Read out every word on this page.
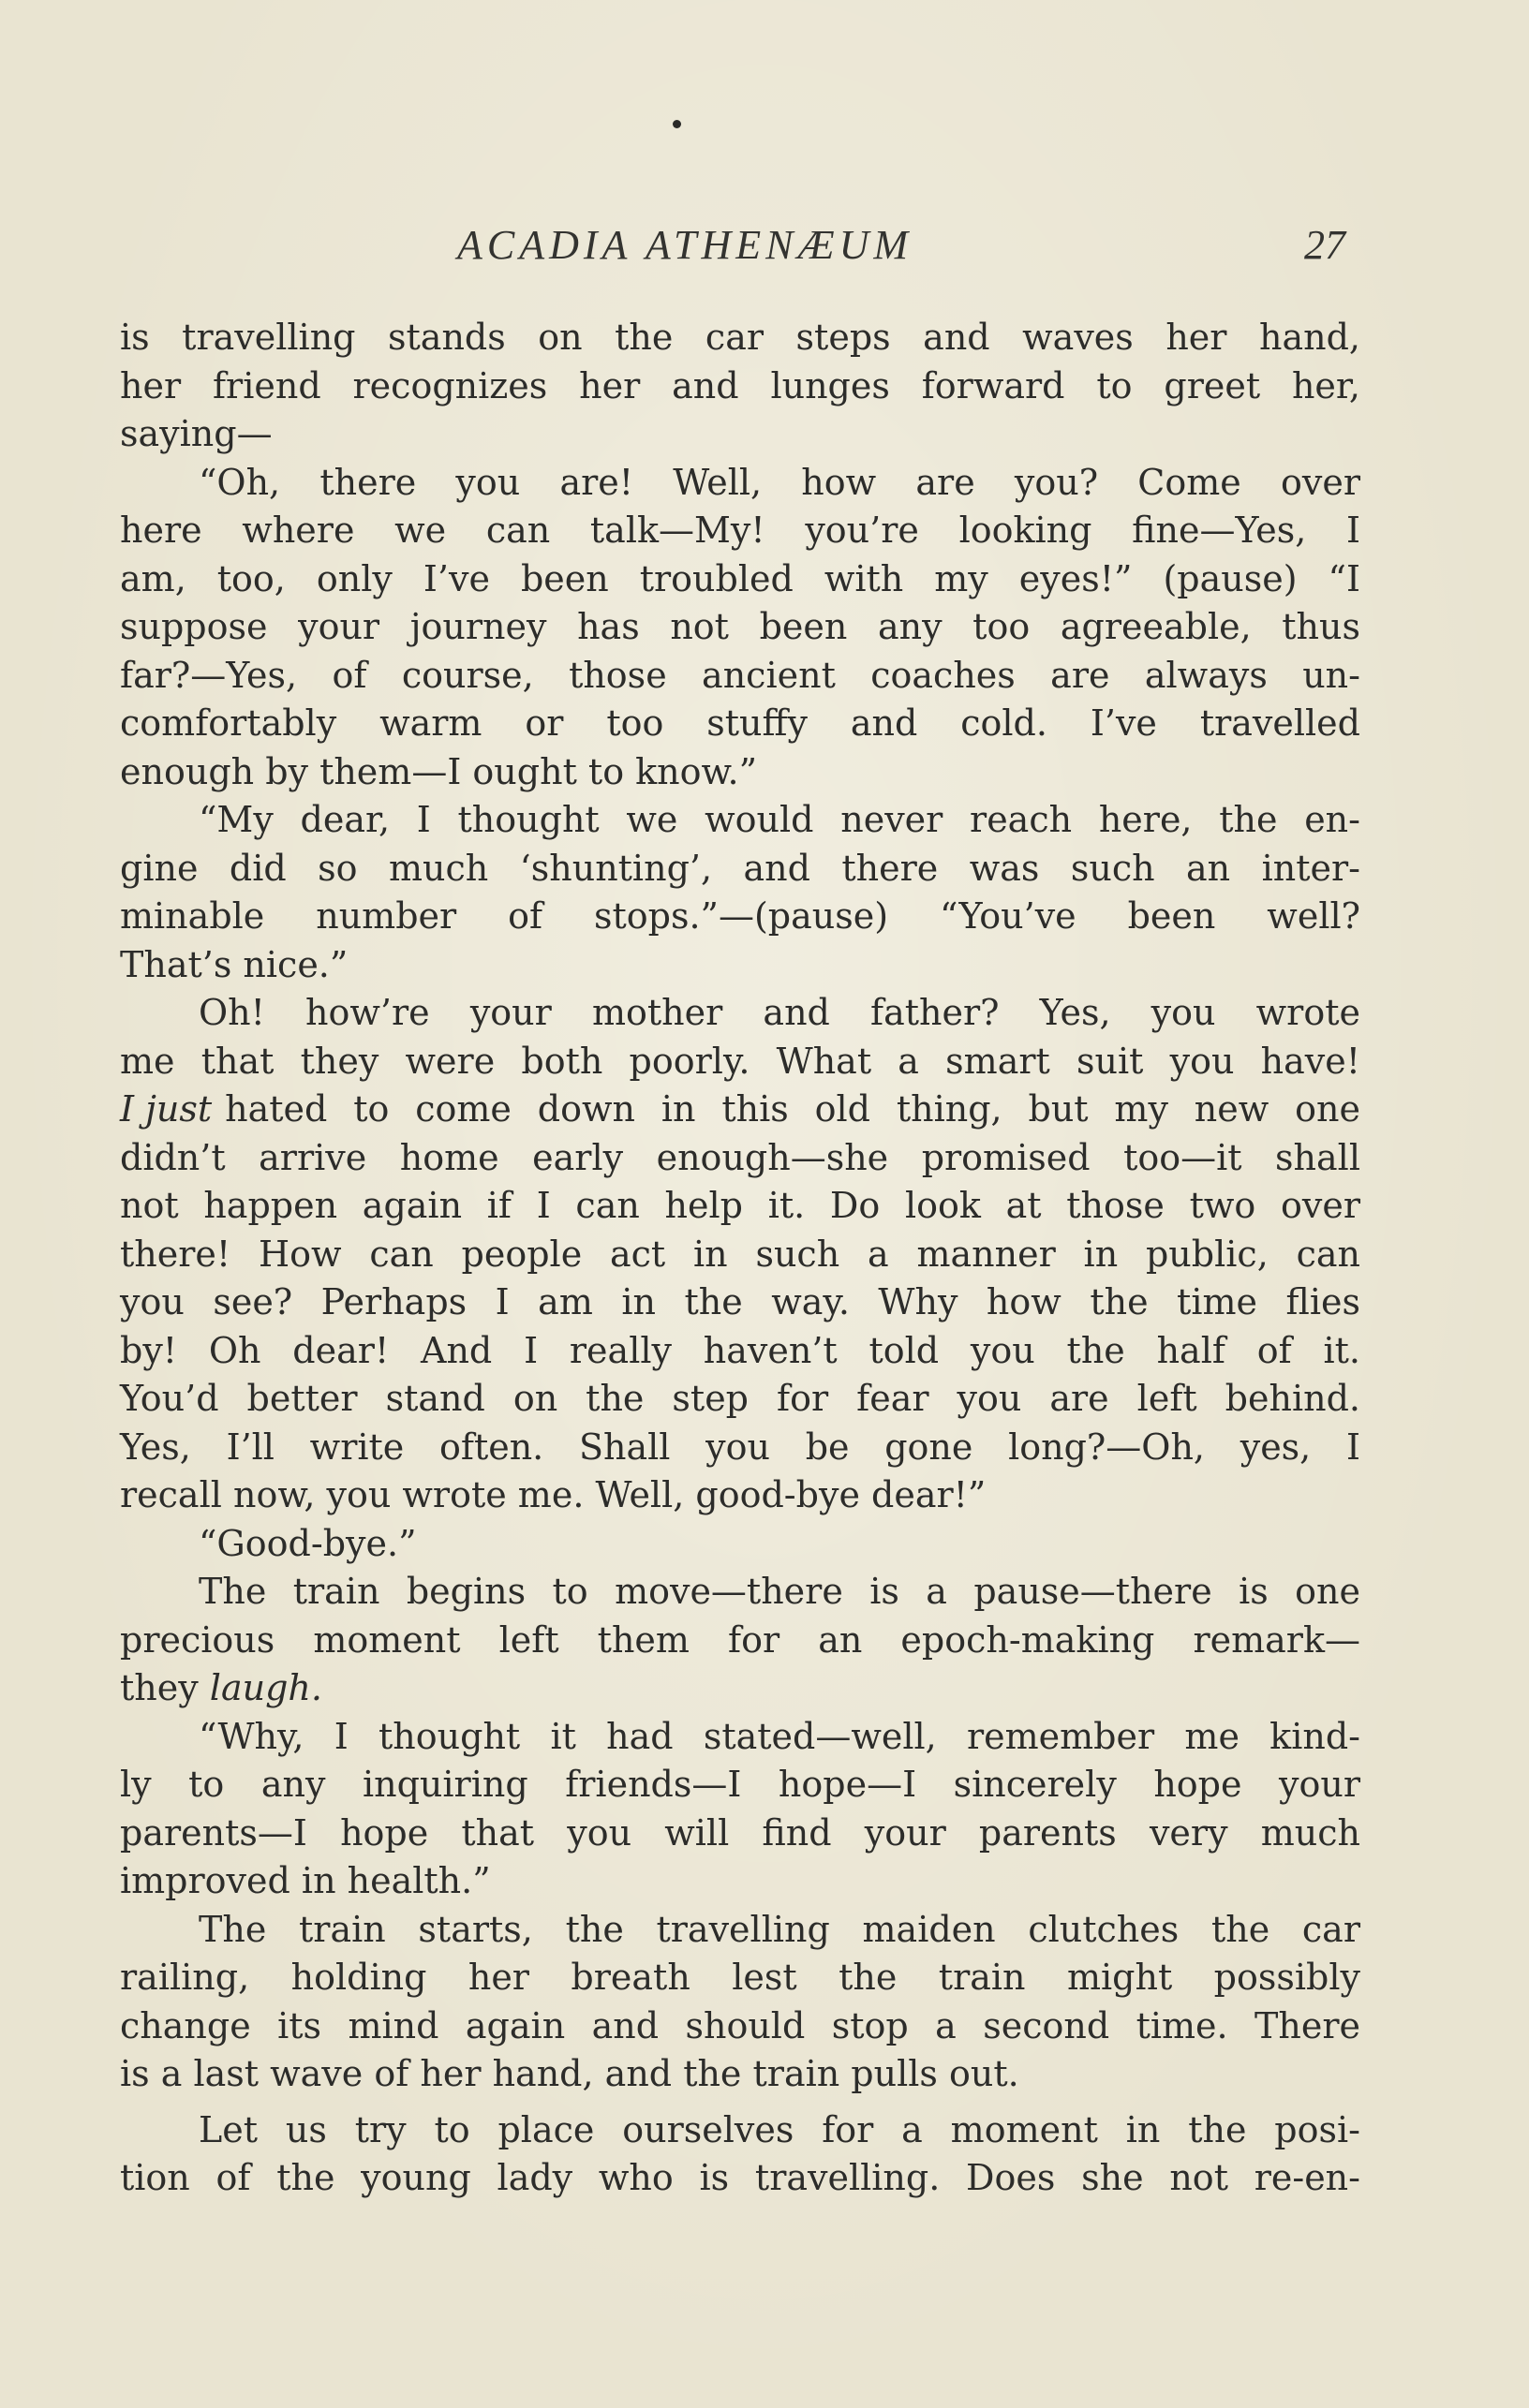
ACADIA ATHENÆUM	27
is travelling stands on the car steps and waves her hand,
her friend recognizes her and lunges forward to greet her,
saying—
“Oh, there you are! Well, how are you? Come over
here where we can talk—My! you’re looking fine—Yes, I
am, too, only I’ve been troubled with my eyes!” (pause) “I
suppose your journey has not been any too agreeable, thus
far?—Yes, of course, those ancient coaches are always un-
comfortably warm or too stuffy and cold. I’ve travelled
enough by them—I ought to know.”
“My dear, I thought we would never reach here, the en-
gine did so much ‘shunting’, and there was such an inter-
minable number of stops.”—(pause) “You’ve been well?
That’s nice.”
Oh! how’re your mother and father? Yes, you wrote
me that they were both poorly. What a smart suit you have!
I just hated to come down in this old thing, but my new one
didn’t arrive home early enough—she promised too—it shall
not happen again if I can help it. Do look at those two over
there! How can people act in such a manner in public, can
you see? Perhaps I am in the way. Why how the time flies
by! Oh dear! And I really haven’t told you the half of it.
You’d better stand on the step for fear you are left behind.
Yes, I’ll write often. Shall you be gone long?—Oh, yes, I
recall now, you wrote me. Well, good-bye dear!”
“Good-bye.”
The train begins to move—there is a pause—there is one
precious moment left them for an epoch-making remark—
they laugh.
“Why, I thought it had stated—well, remember me kind-
ly to any inquiring friends—I hope—I sincerely hope your
parents—I hope that you will find your parents very much
improved in health.”
The train starts, the travelling maiden clutches the car
railing, holding her breath lest the train might possibly
change its mind again and should stop a second time. There
is a last wave of her hand, and the train pulls out.
Let us try to place ourselves for a moment in the posi-
tion of the young lady who is travelling. Does she not re-en-
